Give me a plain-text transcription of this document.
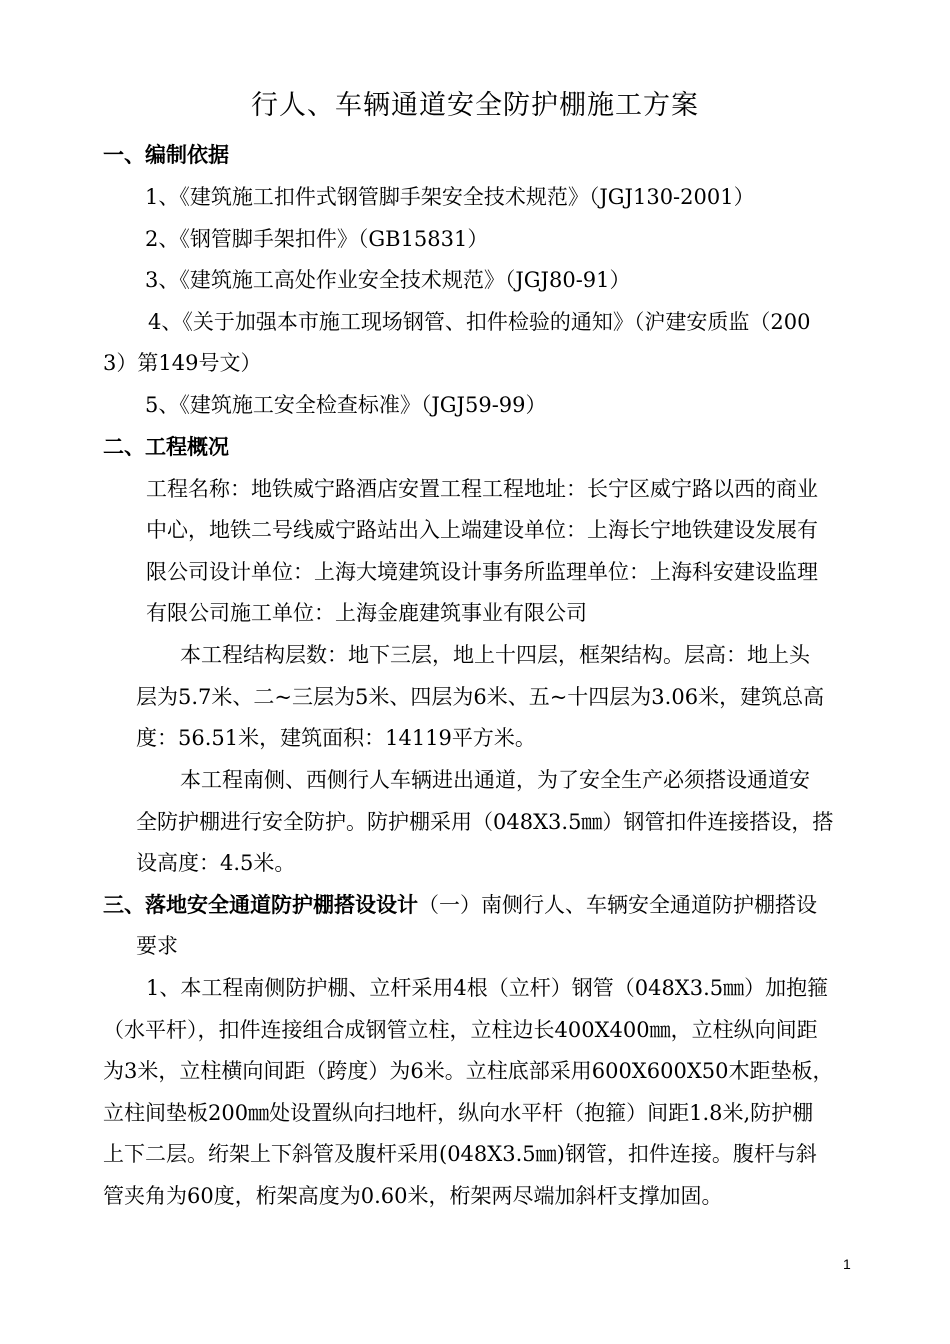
行人、车辆通道安全防护棚施工方案
一、编制依据
1、《建筑施工扣件式钢管脚手架安全技术规范》（JGJ130-2001）
2、《钢管脚手架扣件》（GB15831）
3、《建筑施工高处作业安全技术规范》（JGJ80-91）
4、《关于加强本市施工现场钢管、扣件检验的通知》（沪建安质监（200
3）第149号文）
5、《建筑施工安全检查标准》（JGJ59-99）
二、工程概况
工程名称：地铁威宁路酒店安置工程工程地址：长宁区威宁路以西的商业
中心，地铁二号线威宁路站出入上端建设单位：上海长宁地铁建设发展有
限公司设计单位：上海大境建筑设计事务所监理单位：上海科安建设监理
有限公司施工单位：上海金鹿建筑事业有限公司
本工程结构层数：地下三层，地上十四层，框架结构。层高：地上头
层为5.7米、二~三层为5米、四层为6米、五~十四层为3.06米，建筑总高
度：56.51米，建筑面积：14119平方米。
本工程南侧、西侧行人车辆进出通道，为了安全生产必须搭设通道安
全防护棚进行安全防护。防护棚采用（048X3.5㎜）钢管扣件连接搭设，搭
设高度：4.5米。
三、落地安全通道防护棚搭设设计（一）南侧行人、车辆安全通道防护棚搭设
要求
1、本工程南侧防护棚、立杆采用4根（立杆）钢管（048X3.5㎜）加抱箍
（水平杆），扣件连接组合成钢管立柱，立柱边长400X400㎜，立柱纵向间距
为3米，立柱横向间距（跨度）为6米。立柱底部采用600X600X50木距垫板，
立柱间垫板200㎜处设置纵向扫地杆，纵向水平杆（抱箍）间距1.8米,防护棚
上下二层。绗架上下斜管及腹杆采用(048X3.5㎜)钢管，扣件连接。腹杆与斜
管夹角为60度，桁架高度为0.60米，桁架两尽端加斜杆支撑加固。
1
